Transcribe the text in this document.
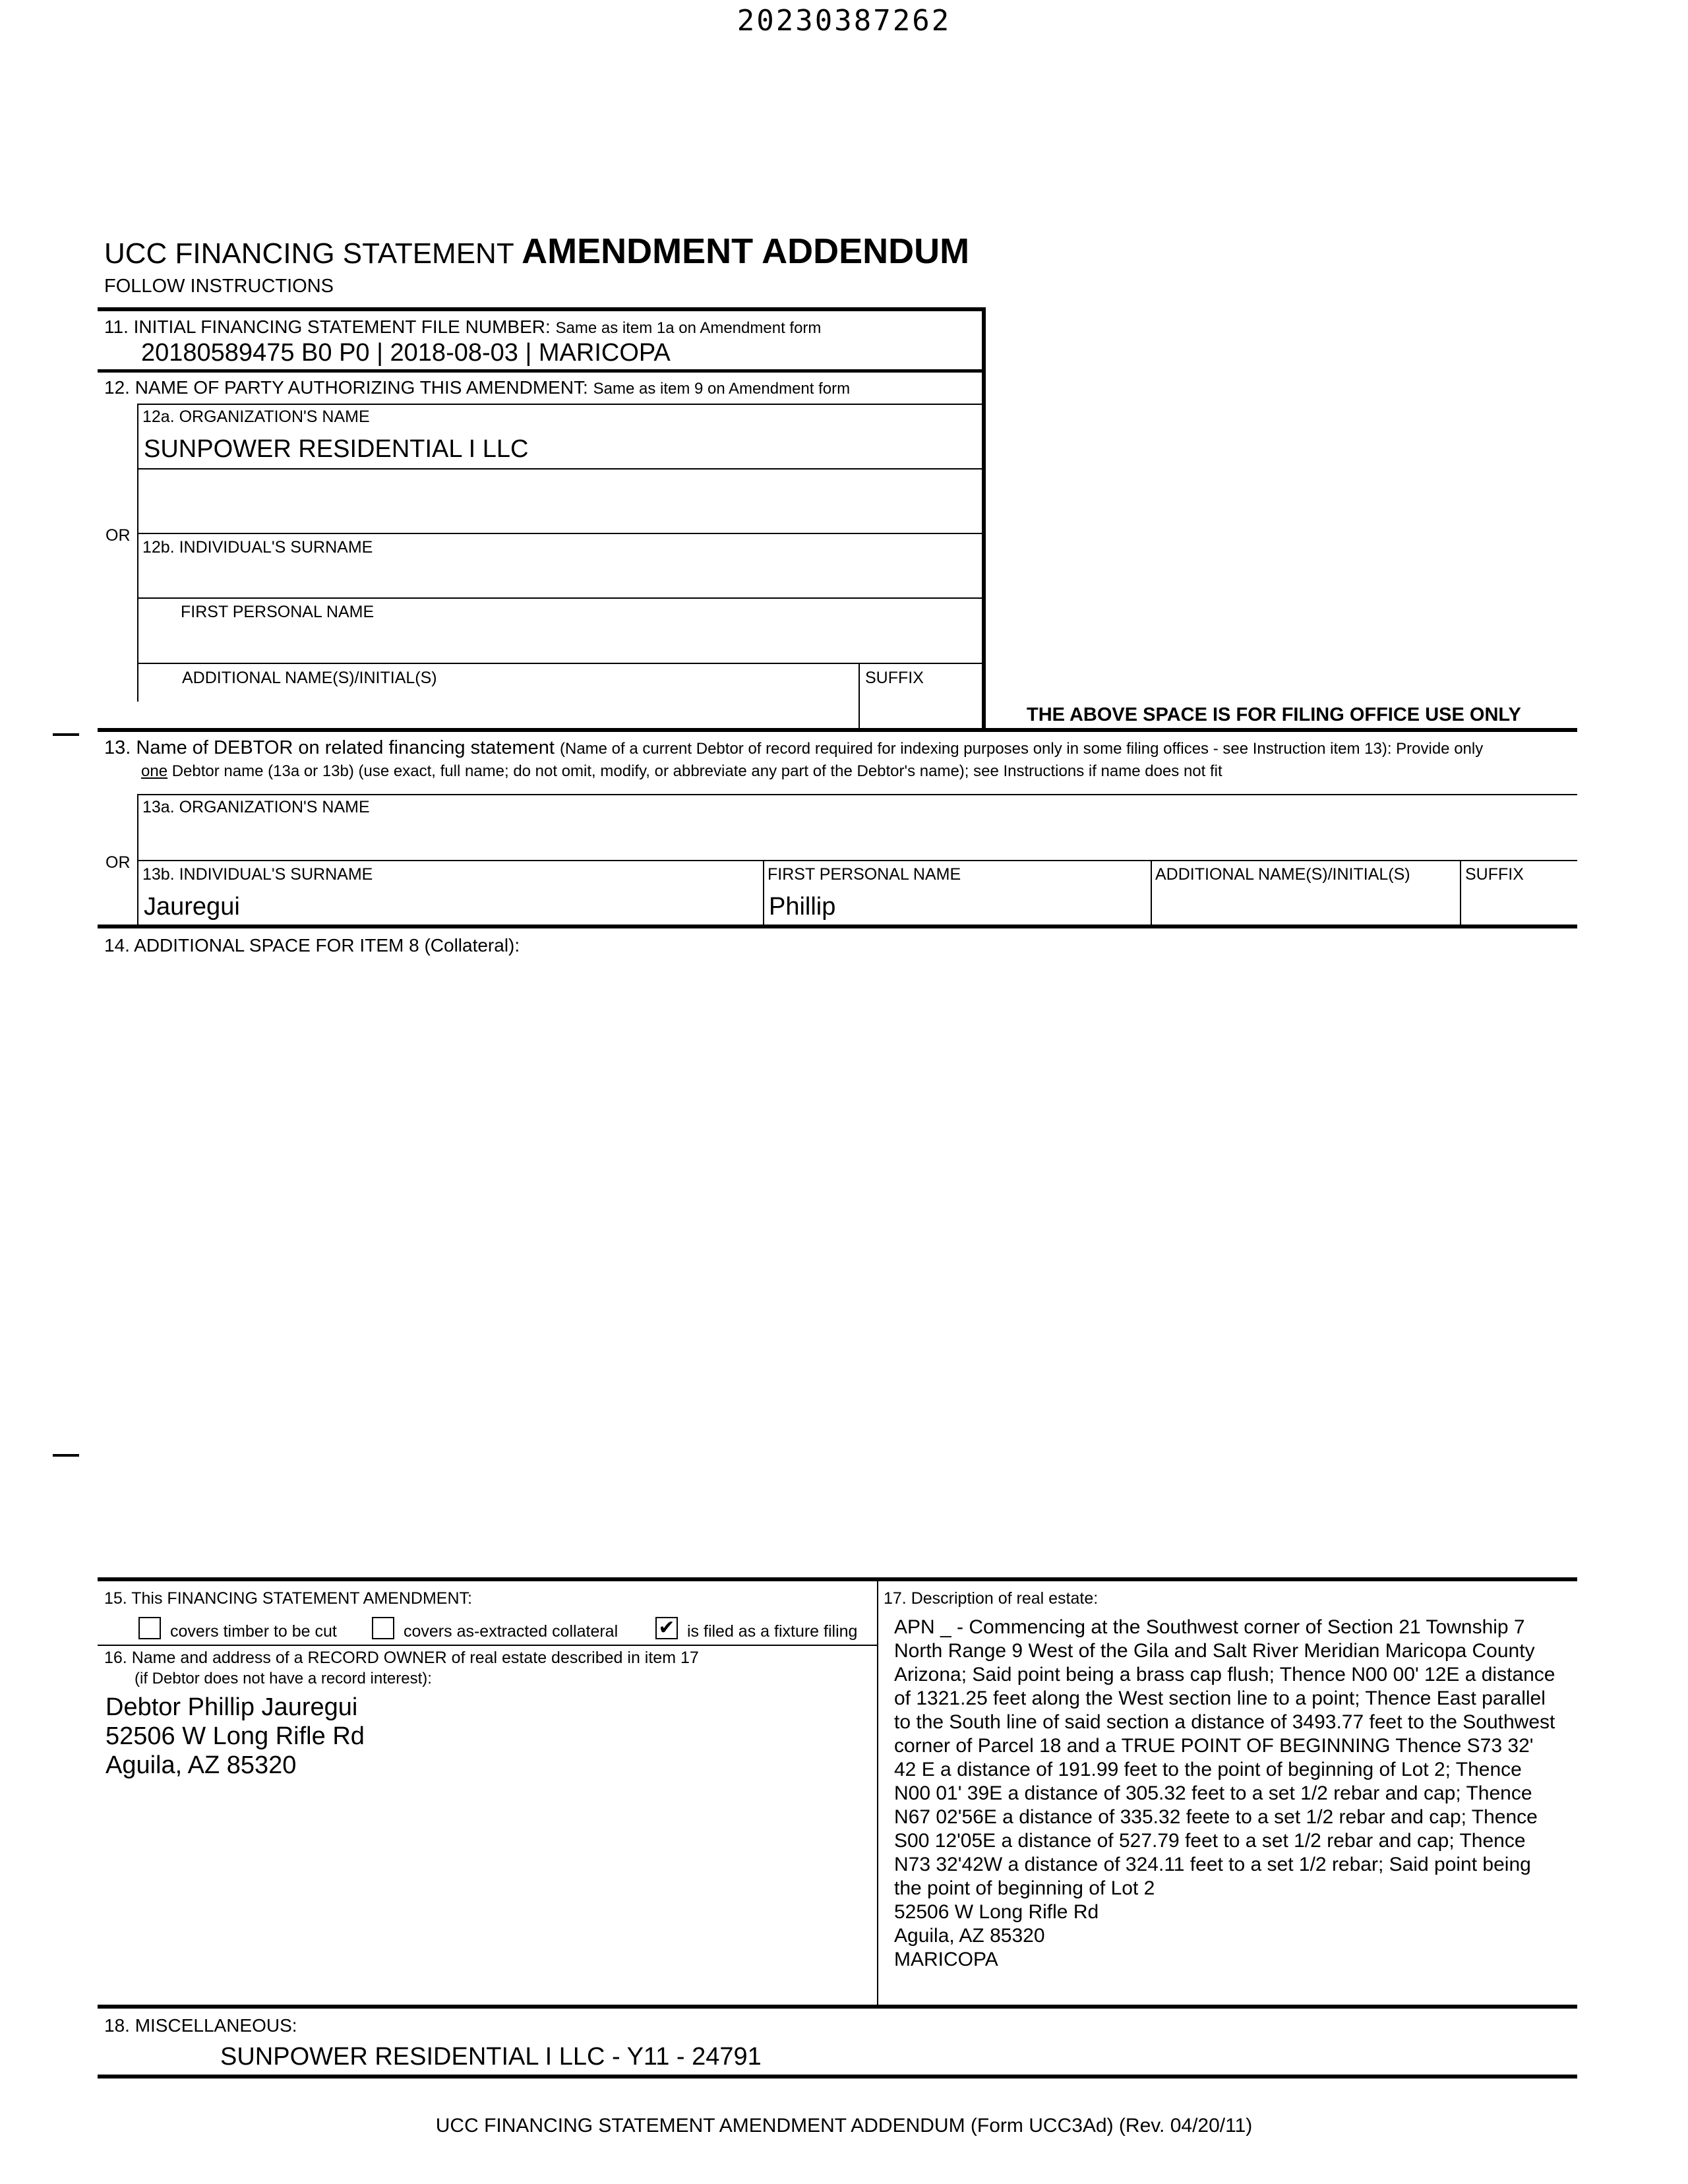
20230387262
UCC FINANCING STATEMENT AMENDMENT ADDENDUM
FOLLOW INSTRUCTIONS
11. INITIAL FINANCING STATEMENT FILE NUMBER: Same as item 1a on Amendment form
20180589475 B0 P0 | 2018-08-03 | MARICOPA
12. NAME OF PARTY AUTHORIZING THIS AMENDMENT: Same as item 9 on Amendment form
12a. ORGANIZATION'S NAME
SUNPOWER RESIDENTIAL I LLC
OR
12b. INDIVIDUAL'S SURNAME
FIRST PERSONAL NAME
ADDITIONAL NAME(S)/INITIAL(S)	SUFFIX
THE ABOVE SPACE IS FOR FILING OFFICE USE ONLY
13. Name of DEBTOR on related financing statement (Name of a current Debtor of record required for indexing purposes only in some filing offices - see Instruction item 13): Provide only
one Debtor name (13a or 13b) (use exact, full name; do not omit, modify, or abbreviate any part of the Debtor's name); see Instructions if name does not fit
13a. ORGANIZATION'S NAME
OR
13b. INDIVIDUAL'S SURNAME
Jauregui
FIRST PERSONAL NAME
Phillip
ADDITIONAL NAME(S)/INITIAL(S)	SUFFIX
14. ADDITIONAL SPACE FOR ITEM 8 (Collateral):
15. This FINANCING STATEMENT AMENDMENT:
covers timber to be cut	covers as-extracted collateral ✔ is filed as a fixture filing
16. Name and address of a RECORD OWNER of real estate described in item 17
(if Debtor does not have a record interest):
Debtor Phillip Jauregui
52506 W Long Rifle Rd
Aguila, AZ 85320
17. Description of real estate:
APN _ - Commencing at the Southwest corner of Section 21 Township 7
North Range 9 West of the Gila and Salt River Meridian Maricopa County
Arizona; Said point being a brass cap flush; Thence N00 00' 12E a distance
of 1321.25 feet along the West section line to a point; Thence East parallel
to the South line of said section a distance of 3493.77 feet to the Southwest
corner of Parcel 18 and a TRUE POINT OF BEGINNING Thence S73 32'
42 E a distance of 191.99 feet to the point of beginning of Lot 2; Thence
N00 01' 39E a distance of 305.32 feet to a set 1/2 rebar and cap; Thence
N67 02'56E a distance of 335.32 feete to a set 1/2 rebar and cap; Thence
S00 12'05E a distance of 527.79 feet to a set 1/2 rebar and cap; Thence
N73 32'42W a distance of 324.11 feet to a set 1/2 rebar; Said point being
the point of beginning of Lot 2
52506 W Long Rifle Rd
Aguila, AZ 85320
MARICOPA
18. MISCELLANEOUS:
SUNPOWER RESIDENTIAL I LLC - Y11 - 24791
UCC FINANCING STATEMENT AMENDMENT ADDENDUM (Form UCC3Ad) (Rev. 04/20/11)
